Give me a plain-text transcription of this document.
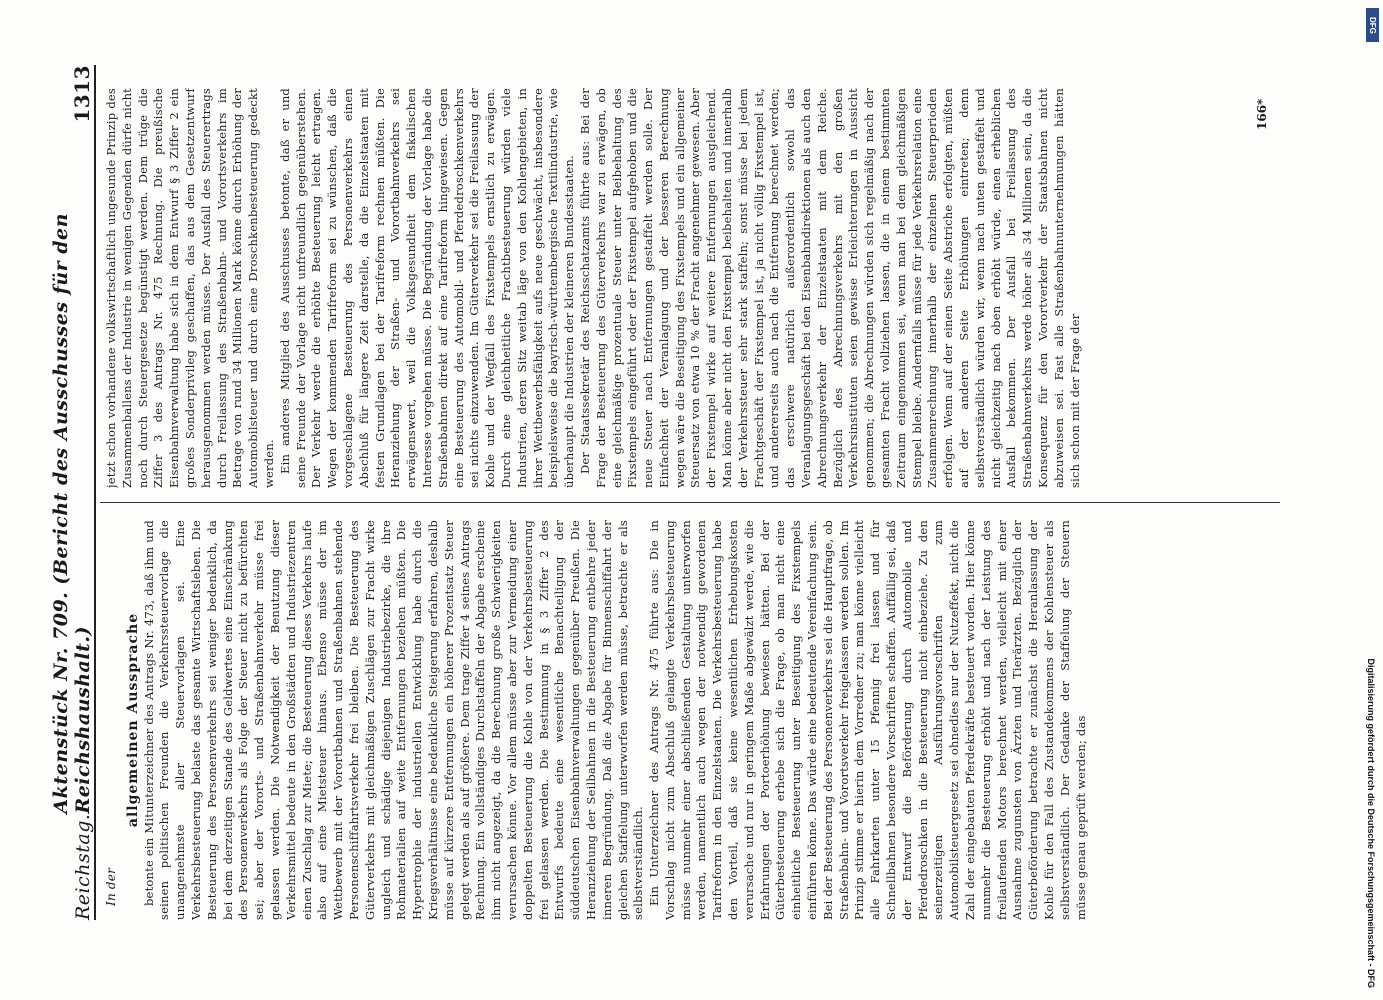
Reichstag.
Aktenstück Nr. 709. (Bericht des Ausschusses für den Reichshaushalt.)
1313

In der

allgemeinen Aussprache betonte ein Mitunterzeichner des Antrags Nr. 473, daß ihm und seinen politischen Freunden die Verkehrssteuervorlage die unangenehmste aller Steuervorlagen sei. Eine Verkehrsbesteuerung belaste das gesamte Wirtschaftsleben. Die Besteuerung des Personenverkehrs sei weniger bedenklich, da bei dem derzeitigen Stande des Geldwertes eine Einschränkung des Personenverkehrs als Folge der Steuer nicht zu befürchten sei; aber der Vororts- und Straßenbahnverkehr müsse frei gelassen werden. Die Notwendigkeit der Benutzung dieser Verkehrsmittel bedeute in den Großstädten und Industriezentren einen Zuschlag zur Miete; die Besteuerung dieses Verkehrs laufe also auf eine Mietsteuer hinaus. Ebenso müsse der im Wettbewerb mit der Vorortbahnen und Straßenbahnen stehende Personenschiffahrtsverkehr frei bleiben. Die Besteuerung des Güterverkehrs mit gleichmäßigen Zuschlägen zur Fracht wirke ungleich und schädige diejenigen Industriebezirke, die ihre Rohmaterialien auf weite Entfernungen beziehen müßten. Die Hypertrophie der industriellen Entwicklung habe durch die Kriegsverhältnisse eine bedenkliche Steigerung erfahren, deshalb müsse auf kürzere Entfernungen ein höherer Prozentsatz Steuer gelegt werden als auf größere. Dem trage Ziffer 4 seines Antrags Rechnung. Ein vollständiges Durchstaffeln der Abgabe erscheine ihm nicht angezeigt, da die Berechnung große Schwierigkeiten verursachen könne. Vor allem müsse aber zur Vermeidung einer doppelten Besteuerung die Kohle von der Verkehrsbesteuerung frei gelassen werden. Die Bestimmung in § 3 Ziffer 2 des Entwurfs bedeute eine wesentliche Benachteiligung der süddeutschen Eisenbahnverwaltungen gegenüber Preußen. Die Heranziehung der Seilbahnen in die Besteuerung entbehre jeder inneren Begründung. Daß die Abgabe für Binnenschiffahrt der gleichen Staffelung unterworfen werden müsse, betrachte er als selbstverständlich. Ein Unterzeichner des Antrags Nr. 475 führte aus: Die in Vorschlag nicht zum Abschluß gelangte Verkehrsbesteuerung müsse nunmehr einer abschließenden Gestaltung unterworfen werden, namentlich auch wegen der notwendig gewordenen Tarifreform in den Einzelstaaten. Die Verkehrsbesteuerung habe den Vorteil, daß sie keine wesentlichen Erhebungskosten verursache und nur in geringem Maße abgewälzt werde, wie die Erfahrungen der Portoerhöhung bewiesen hätten. Bei der Güterbesteuerung erhebe sich die Frage, ob man nicht eine einheitliche Besteuerung unter Beseitigung des Fixstempels einführen könne. Das würde eine bedeutende Vereinfachung sein. Bei der Besteuerung des Personenverkehrs sei die Hauptfrage, ob Straßenbahn- und Vorortsverkehr freigelassen werden sollen. Im Prinzip stimme er hierin dem Vorredner zu; man könne vielleicht alle Fahrkarten unter 15 Pfennig frei lassen und für Schnellbahnen besondere Vorschriften schaffen. Auffällig sei, daß der Entwurf die Beförderung durch Automobile und Pferdedroschken in die Besteuerung nicht einbeziehe. Zu den seinerzeitigen Ausführungsvorschriften zum Automobilsteuergesetz sei ohnedies nur der Nutzeffekt, nicht die Zahl der eingebauten Pferdekräfte besteuert worden. Hier könne nunmehr die Besteuerung erhöht und nach der Leistung des freilaufenden Motors berechnet werden, vielleicht mit einer Ausnahme zugunsten von Ärzten und Tierärzten. Bezüglich der Güterbeförderung betrachte er zunächst die Heranlassung der Kohle für den Fall des Zustandekommens der Kohlensteuer als selbstverständlich. Der Gedanke der Staffelung der Steuern müsse genau geprüft werden; das

jetzt schon vorhandene volkswirtschaftlich ungesunde Prinzip des Zusammenballens der Industrie in wenigen Gegenden dürfe nicht noch durch Steuergesetze begünstigt werden. Dem trüge die Ziffer 3 des Antrags Nr. 475 Rechnung. Die preußische Eisenbahnverwaltung habe sich in dem Entwurf § 3 Ziffer 2 ein großes Sonderprivileg geschaffen, das aus dem Gesetzentwurf herausgenommen werden müsse. Der Ausfall des Steuerertrags durch Freilassung des Straßenbahn- und Vorortsverkehrs im Betrage von rund 34 Millionen Mark könne durch Erhöhung der Automobilsteuer und durch eine Droschkenbesteuerung gedeckt werden. Ein anderes Mitglied des Ausschusses betonte, daß er und seine Freunde der Vorlage nicht unfreundlich gegenüberstehen. Der Verkehr werde die erhöhte Besteuerung leicht ertragen. Wegen der kommenden Tarifreform sei zu wünschen, daß die vorgeschlagene Besteuerung des Personenverkehrs einen Abschluß für längere Zeit darstelle, da die Einzelstaaten mit festen Grundlagen bei der Tarifreform rechnen müßten. Die Heranziehung der Straßen- und Vorortbahnverkehrs sei erwägenswert, weil die Volksgesundheit dem fiskalischen Interesse vorgehen müsse. Die Begründung der Vorlage habe die Straßenbahnen direkt auf eine Tarifreform hingewiesen. Gegen eine Besteuerung des Automobil- und Pferdedroschkenverkehrs sei nichts einzuwenden. Im Güterverkehr sei die Freilassung der Kohle und der Wegfall des Fixstempels ernstlich zu erwägen. Durch eine gleichheitliche Frachtbesteuerung würden viele Industrien, deren Sitz weitab läge von den Kohlengebieten, in ihrer Wettbewerbsfähigkeit aufs neue geschwächt, insbesondere beispielsweise die bayrisch-württembergische Textilindustrie, wie überhaupt die Industrien der kleineren Bundesstaaten. Der Staatssekretär des Reichsschatzamts führte aus: Bei der Frage der Besteuerung des Güterverkehrs war zu erwägen, ob eine gleichmäßige prozentuale Steuer unter Beibehaltung des Fixstempels eingeführt oder der Fixstempel aufgehoben und die neue Steuer nach Entfernungen gestaffelt werden solle. Der Einfachheit der Veranlagung und der besseren Berechnung wegen wäre die Beseitigung des Fixstempels und ein allgemeiner Steuersatz von etwa 10 % der Fracht angenehmer gewesen. Aber der Fixstempel wirke auf weitere Entfernungen ausgleichend. Man könne aber nicht den Fixstempel beibehalten und innerhalb der Verkehrssteuer sehr stark staffeln; sonst müsse bei jedem Frachtgeschäft der Fixstempel ist, ja nicht völlig Fixstempel ist, und andererseits auch nach die Entfernung berechnet werden; das erschwere natürlich außerordentlich sowohl das Veranlagungsgeschäft bei den Eisenbahndirektionen als auch den Abrechnungsverkehr der Einzelstaaten mit dem Reiche. Bezüglich des Abrechnungsverkehrs mit den großen Verkehrsinstituten seien gewisse Erleichterungen in Aussicht genommen; die Abrechnungen würden sich regelmäßig nach der gesamten Fracht vollziehen lassen, die in einem bestimmten Zeitraum eingenommen sei, wenn man bei dem gleichmäßigen Stempel bleibe. Andernfalls müsse für jede Verkehrsrelation eine Zusammenrechnung innerhalb der einzelnen Steuerperioden erfolgen. Wenn auf der einen Seite Abstriche erfolgten, müßten auf der anderen Seite Erhöhungen eintreten; denn selbstverständlich würden wir, wenn nach unten gestaffelt und nicht gleichzeitig nach oben erhöht würde, einen erheblichen Ausfall bekommen. Der Ausfall bei Freilassung des Straßenbahnverkehrs werde höher als 34 Millionen sein, da die Konsequenz für den Vorortverkehr der Staatsbahnen nicht abzuweisen sei. Fast alle Straßenbahnunternehmungen hätten sich schon mit der Frage der

166*
DFG
Digitalisierung gefördert durch die Deutsche Forschungsgemeinschaft - DFG
